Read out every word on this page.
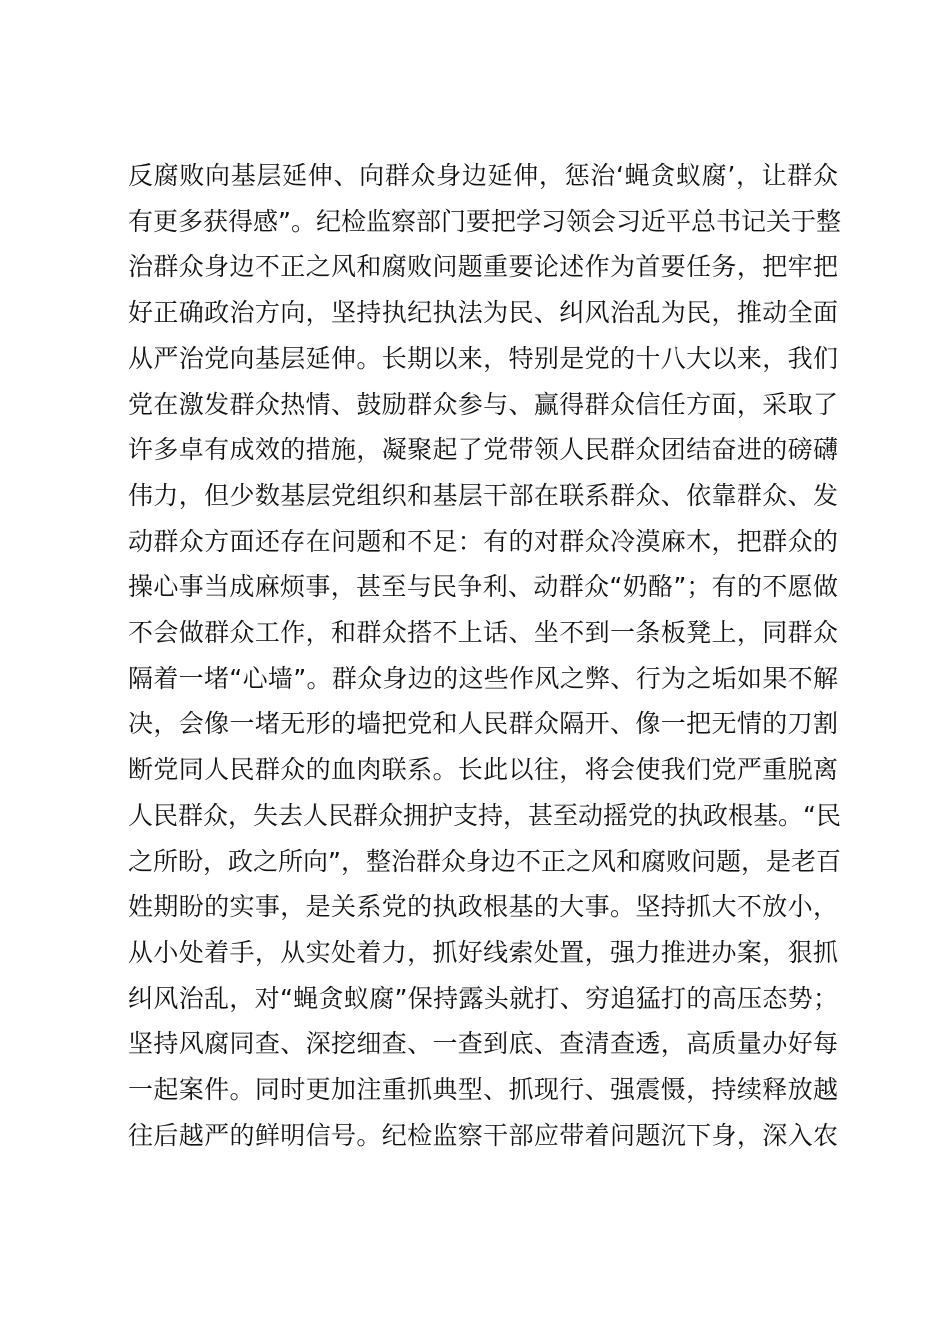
反腐败向基层延伸、向群众身边延伸，惩治‘蝇贪蚁腐’，让群众
有更多获得感”。纪检监察部门要把学习领会习近平总书记关于整
治群众身边不正之风和腐败问题重要论述作为首要任务，把牢把
好正确政治方向，坚持执纪执法为民、纠风治乱为民，推动全面
从严治党向基层延伸。长期以来，特别是党的十八大以来，我们
党在激发群众热情、鼓励群众参与、赢得群众信任方面，采取了
许多卓有成效的措施，凝聚起了党带领人民群众团结奋进的磅礴
伟力，但少数基层党组织和基层干部在联系群众、依靠群众、发
动群众方面还存在问题和不足：有的对群众冷漠麻木，把群众的
操心事当成麻烦事，甚至与民争利、动群众“奶酪”；有的不愿做
不会做群众工作，和群众搭不上话、坐不到一条板凳上，同群众
隔着一堵“心墙”。群众身边的这些作风之弊、行为之垢如果不解
决，会像一堵无形的墙把党和人民群众隔开、像一把无情的刀割
断党同人民群众的血肉联系。长此以往，将会使我们党严重脱离
人民群众，失去人民群众拥护支持，甚至动摇党的执政根基。“民
之所盼，政之所向”，整治群众身边不正之风和腐败问题，是老百
姓期盼的实事，是关系党的执政根基的大事。坚持抓大不放小，
从小处着手，从实处着力，抓好线索处置，强力推进办案，狠抓
纠风治乱，对“蝇贪蚁腐”保持露头就打、穷追猛打的高压态势；
坚持风腐同查、深挖细查、一查到底、查清查透，高质量办好每
一起案件。同时更加注重抓典型、抓现行、强震慑，持续释放越
往后越严的鲜明信号。纪检监察干部应带着问题沉下身，深入农
